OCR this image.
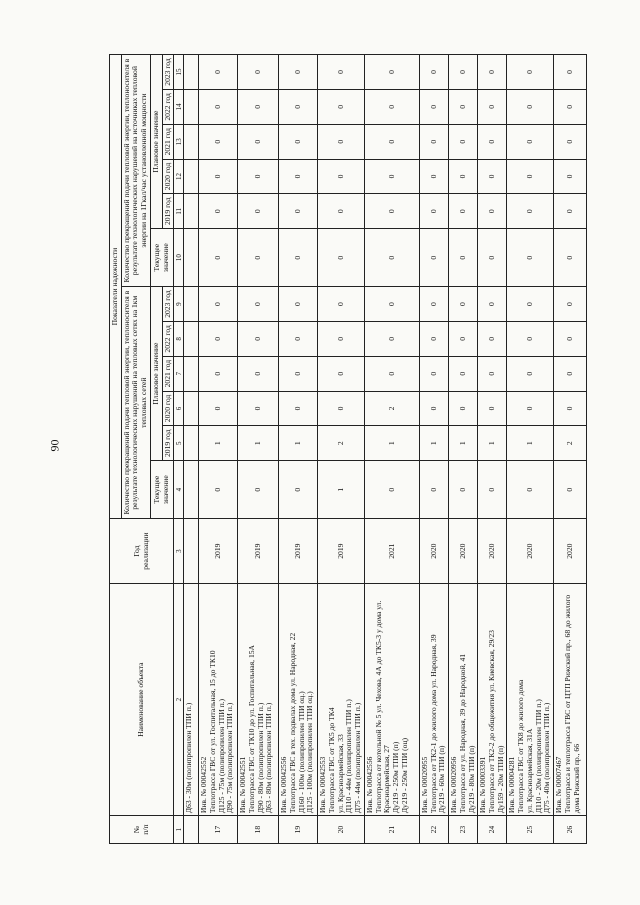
90
№
п/п	Наименование объекта	Год
реализации	Показатели надежности											
			Количество прекращений подачи тепловой энергии, теплоносителя в результате технологических нарушений на тепловых сетях на 1км тепловых сетей						Количество прекращений подачи тепловой энергии, теплоносителя в результате технологических нарушений на источниках тепловой энергии на 1Гкал/час установленной мощности					
			Текущее значение	Плановое значение					Текущее значение	Плановое значение				
				2019 год	2020 год	2021 год	2022 год	2023 год		2019 год	2020 год	2021 год	2022 год	2023 год

1	2	3	4	5	6	7	8	9	10	11	12	13	14	15
	Д63 - 30м (полипропилен ТПИ п.)													
17	Инв. № 00042552
Теплотрасса ГВС от ул. Госпитальная, 15 до ТК10
Д125 - 75м (полипропилен ТПИ п.)
Д90 - 75м (полипропилен ТПИ п.)	2019	0	1	0	0	0	0	0	0	0	0	0	0
18	Инв. № 00042551
Теплотрасса ГВС от ТК10 до ул. Госпитальная, 15А
Д90 - 80м (полипропилен ТПИ п.)
Д63 - 80м (полипропилен ТПИ п.)	2019	0	1	0	0	0	0	0	0	0	0	0	0
19	Инв. № 00042556
Теплотрасса ГВС в тех. подвалах дома ул. Народная, 22
Д160 - 100м (полипропилен ТПИ оц.)
Д125 - 100м (полипропилен ТПИ оц.)	2019	0	1	0	0	0	0	0	0	0	0	0	0
20	Инв. № 00042553
Теплотрасса ГВС от ТК5 до ТК4
ул. Красноармейская, 33
Д110 - 44м (полипропилен ТПИ п.)
Д75 - 44м (полипропилен ТПИ п.)	2019	1	2	0	0	0	0	0	0	0	0	0	0
21	Инв. № 00042556
Теплотрасса от котельной № 5 ул. Чехова, 4А до ТК5-3 у дома ул. Красноармейская, 27
Ду219 - 250м ТПИ (п)
Ду219 - 250м ТПИ (оц)	2021	0	1	2	0	0	0	0	0	0	0	0	0
22	Инв. № 00020955
Теплотрасса от ТК2-1 до жилого дома ул. Народная, 39
Ду219 - 60м ТПИ (п)	2020	0	1	0	0	0	0	0	0	0	0	0	0
23	Инв. № 00020956
Теплотрасса от ул. Народная, 39 до Народной, 41
Ду219 - 80м ТПИ (п)	2020	0	1	0	0	0	0	0	0	0	0	0	0
24	Инв. № 00003391
Теплотрасса от ТК2-2 до общежития ул. Киевская, 29/23
Ду159 - 20м ТПИ (п)	2020	0	1	0	0	0	0	0	0	0	0	0	0
25	Инв. № 00004281
Теплотрасса ГВС от ТК8 до жилого дома
ул. Красноармейская, 31А
Д110 - 20м (полипропилен ТПИ п.)
Д75 - 40м (полипропилен ТПИ п.)	2020	0	1	0	0	0	0	0	0	0	0	0	0
26	Инв. № 00007467
Теплотрасса и теплотрасса ГВС от ЦТП Рижский пр., 68 до жилого дома Рижский пр., 66	2020	0	2	0	0	0	0	0	0	0	0	0	0
